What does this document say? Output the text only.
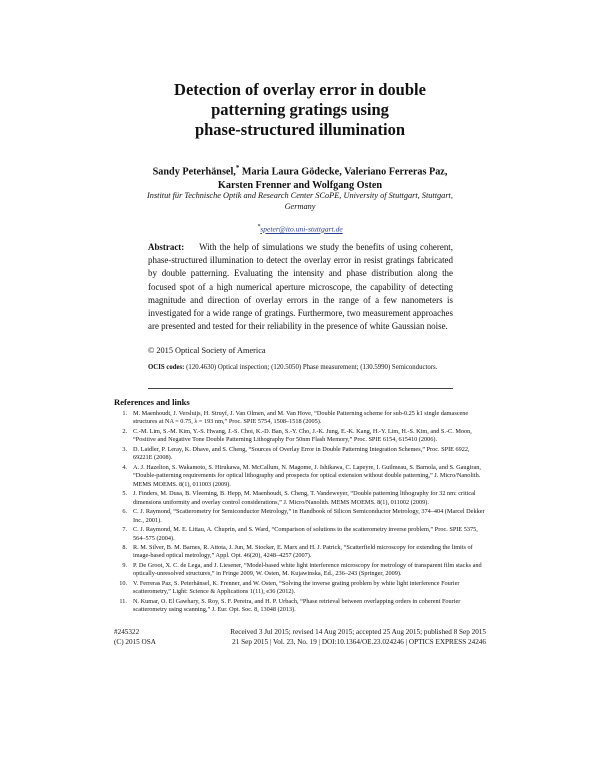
Detection of overlay error in double
patterning gratings using
phase-structured illumination
Sandy Peterhänsel,* Maria Laura Gödecke, Valeriano Ferreras Paz,
Karsten Frenner and Wolfgang Osten
Institut für Technische Optik and Research Center SCoPE, University of Stuttgart, Stuttgart,
Germany
*speter@ito.uni-stuttgart.de
Abstract: With the help of simulations we study the benefits of using coherent, phase-structured illumination to detect the overlay error in resist gratings fabricated by double patterning. Evaluating the intensity and phase distribution along the focused spot of a high numerical aperture microscope, the capability of detecting magnitude and direction of overlay errors in the range of a few nanometers is investigated for a wide range of gratings. Furthermore, two measurement approaches are presented and tested for their reliability in the presence of white Gaussian noise.
© 2015 Optical Society of America
OCIS codes: (120.4630) Optical inspection; (120.5050) Phase measurement; (130.5990) Semiconductors.
References and links
1. M. Maenhoudt, J. Versluijs, H. Struyf, J. Van Olmen, and M. Van Hove, “Double Patterning scheme for sub-0.25 k1 single damascene structures at NA = 0.75, λ = 193 nm,” Proc. SPIE 5754, 1508–1518 (2005).
2. C.-M. Lim, S.-M. Kim, Y.-S. Hwang, J.-S. Choi, K.-D. Ban, S.-Y. Cho, J.-K. Jung, E.-K. Kang, H.-Y. Lim, H.-S. Kim, and S.-C. Moon, “Positive and Negative Tone Double Patterning Lithography For 50nm Flash Memory,” Proc. SPIE 6154, 615410 (2006).
3. D. Laidler, P. Leray, K. Dhave, and S. Cheng, “Sources of Overlay Error in Double Patterning Integration Schemes,” Proc. SPIE 6922, 69221E (2008).
4. A. J. Hazelton, S. Wakamoto, S. Hirukawa, M. McCallum, N. Magome, J. Ishikawa, C. Lapeyre, I. Guilmeau, S. Barnola, and S. Gaugiran, “Double-patterning requirements for optical lithography and prospects for optical extension without double patterning,” J. Micro/Nanolith. MEMS MOEMS. 8(1), 011003 (2009).
5. J. Finders, M. Dusa, B. Vleeming, B. Hepp, M. Maenhoudt, S. Cheng, T. Vandeweyer, “Double patterning lithography for 32 nm: critical dimensions uniformity and overlay control considerations,” J. Micro/Nanolith. MEMS MOEMS. 8(1), 011002 (2009).
6. C. J. Raymond, “Scatterometry for Semiconductor Metrology,” in Handbook of Silicon Semiconductor Metrology, 374–404 (Marcel Dekker Inc., 2001).
7. C. J. Raymond, M. E. Littau, A. Chuprin, and S. Ward, “Comparison of solutions to the scatterometry inverse problem,” Proc. SPIE 5375, 564–575 (2004).
8. R. M. Silver, B. M. Barnes, R. Attota, J. Jun, M. Stocker, E. Marx and H. J. Patrick, “Scatterfield microscopy for extending the limits of image-based optical metrology,” Appl. Opt. 46(20), 4248–4257 (2007).
9. P. De Groot, X. C. de Lega, and J. Liesener, “Model-based white light interference microscopy for metrology of transparent film stacks and optically-unresolved structures,” in Fringe 2009, W. Osten, M. Kujawinska, Ed., 236–243 (Springer, 2009).
10. V. Ferreras Paz, S. Peterhänsel, K. Frenner, and W. Osten, “Solving the inverse grating problem by white light interference Fourier scatterometry,” Light: Science & Applications 1(11), e36 (2012).
11. N. Kumar, O. El Gawhary, S. Roy, S. F. Pereira, and H. P. Urbach, “Phase retrieval between overlapping orders in coherent Fourier scatterometry using scanning,” J. Eur. Opt. Soc. 8, 13048 (2013).
#245322
(C) 2015 OSA
Received 3 Jul 2015; revised 14 Aug 2015; accepted 25 Aug 2015; published 8 Sep 2015
21 Sep 2015 | Vol. 23, No. 19 | DOI:10.1364/OE.23.024246 | OPTICS EXPRESS 24246
